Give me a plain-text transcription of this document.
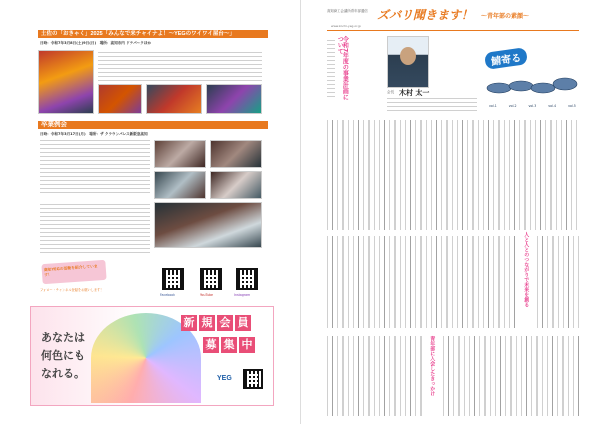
土佐の「おきゃく」2025「みんなで来チャイナよ！～YEGのワイワイ屋台～」
日時：令和7年3月8日(土)9日(日)　場所：高知市内 ドテパークほか
卒業例会
日時：令和7年3月17日(月)　場所：ザ クラウンパレス新阪急高知
高知YEGの活動を紹介しています！
フォロー・チャンネル登録をお願いします！
Facebook	YouTube	Instagram
あなたは
何色にも
なれる。
新 規 会 員
募 集 中
YEG
高知商工会議所青年部通信 ズバリ聞きます！ ～青年部の素顔～
www.kochi-yeg.or.jp
令和7年度の事業計画について
会長 木村 太一
鯖寄る
vol.1	vol.2	vol.3	vol.4	vol.5
人と人とのつながりで未来を創る
青年部に入会したきっかけ
